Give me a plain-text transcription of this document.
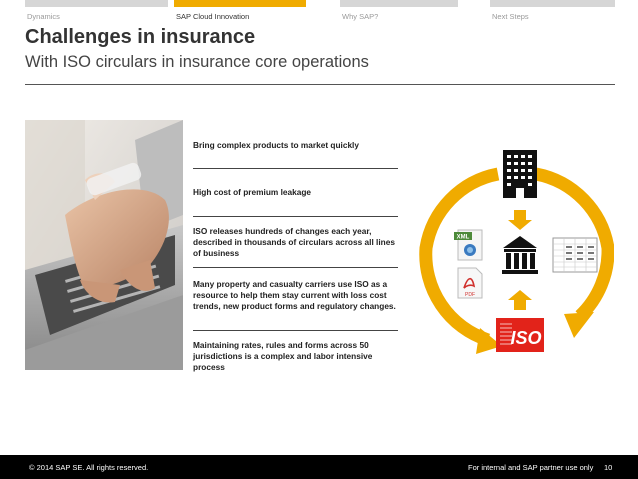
Dynamics	SAP Cloud Innovation	Why SAP?	Next Steps
Challenges in insurance
With ISO circulars in insurance core operations
Bring complex products to market quickly
High cost of premium leakage
ISO releases hundreds of changes each year, described in thousands of circulars across all lines of business
Many property and casualty carriers use ISO as a resource to help them stay current with loss cost trends, new product forms and regulatory changes.
Maintaining rates, rules and forms across 50 jurisdictions is a complex and labor intensive process
ISO
XML
PDF
© 2014 SAP SE. All rights reserved.	For internal and SAP partner use only 10
